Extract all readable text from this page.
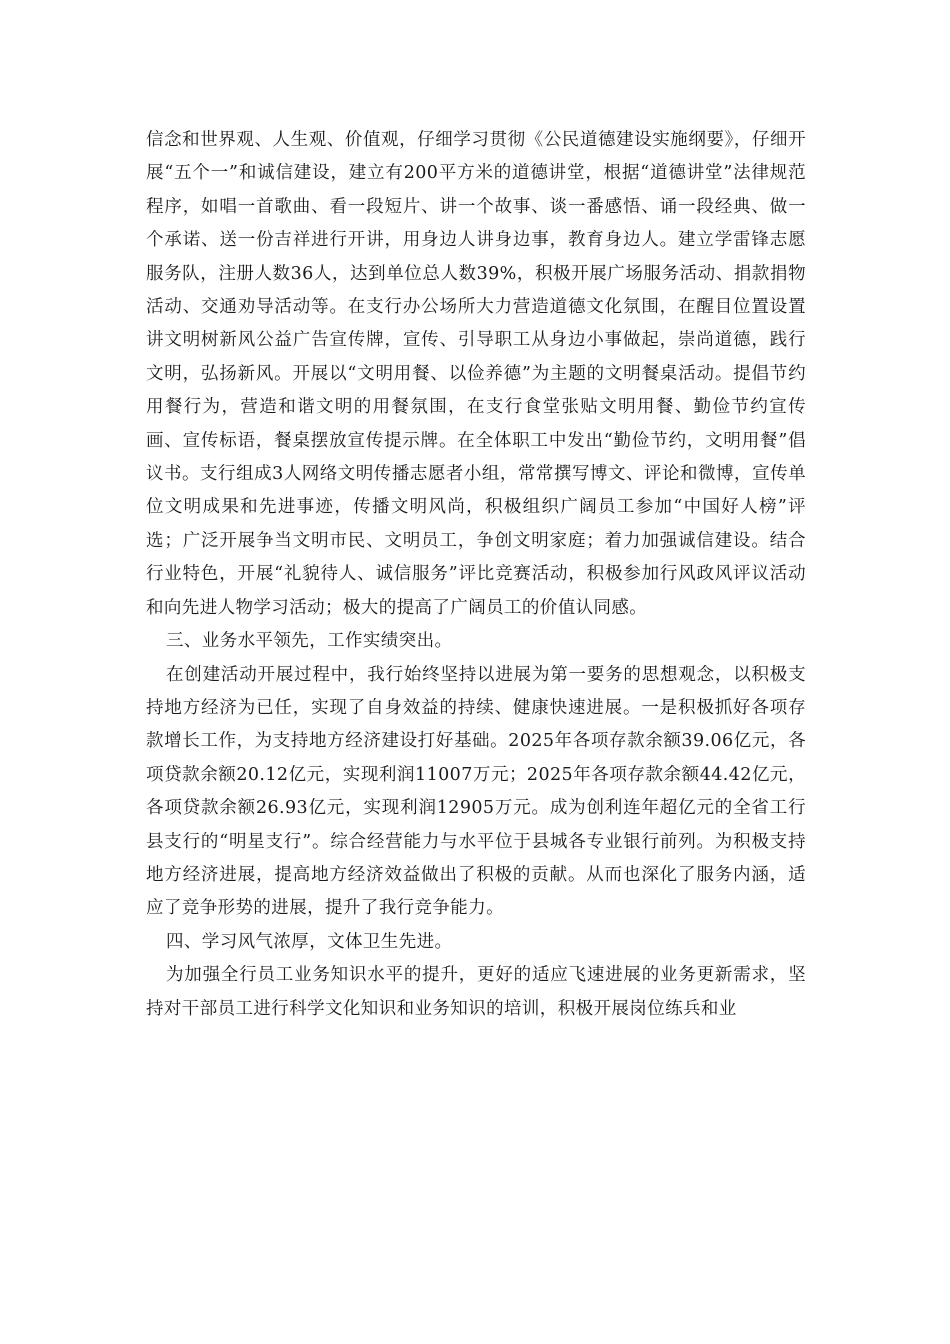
信念和世界观、人生观、价值观，仔细学习贯彻《公民道德建设实施纲要》，仔细开展“五个一”和诚信建设，建立有200平方米的道德讲堂，根据“道德讲堂”法律规范程序，如唱一首歌曲、看一段短片、讲一个故事、谈一番感悟、诵一段经典、做一个承诺、送一份吉祥进行开讲，用身边人讲身边事，教育身边人。建立学雷锋志愿服务队，注册人数36人，达到单位总人数39%，积极开展广场服务活动、捐款捐物活动、交通劝导活动等。在支行办公场所大力营造道德文化氛围，在醒目位置设置讲文明树新风公益广告宣传牌，宣传、引导职工从身边小事做起，崇尚道德，践行文明，弘扬新风。开展以“文明用餐、以俭养德”为主题的文明餐桌活动。提倡节约用餐行为，营造和谐文明的用餐氛围，在支行食堂张贴文明用餐、勤俭节约宣传画、宣传标语，餐桌摆放宣传提示牌。在全体职工中发出“勤俭节约，文明用餐”倡议书。支行组成3人网络文明传播志愿者小组，常常撰写博文、评论和微博，宣传单位文明成果和先进事迹，传播文明风尚，积极组织广阔员工参加“中国好人榜”评选；广泛开展争当文明市民、文明员工，争创文明家庭；着力加强诚信建设。结合行业特色，开展“礼貌待人、诚信服务”评比竞赛活动，积极参加行风政风评议活动和向先进人物学习活动；极大的提高了广阔员工的价值认同感。

三、业务水平领先，工作实绩突出。

在创建活动开展过程中，我行始终坚持以进展为第一要务的思想观念，以积极支持地方经济为已任，实现了自身效益的持续、健康快速进展。一是积极抓好各项存款增长工作，为支持地方经济建设打好基础。2025年各项存款余额39.06亿元，各项贷款余额20.12亿元，实现利润11007万元；2025年各项存款余额44.42亿元，各项贷款余额26.93亿元，实现利润12905万元。成为创利连年超亿元的全省工行县支行的“明星支行”。综合经营能力与水平位于县城各专业银行前列。为积极支持地方经济进展，提高地方经济效益做出了积极的贡献。从而也深化了服务内涵，适应了竞争形势的进展，提升了我行竞争能力。

四、学习风气浓厚，文体卫生先进。

为加强全行员工业务知识水平的提升，更好的适应飞速进展的业务更新需求，坚持对干部员工进行科学文化知识和业务知识的培训，积极开展岗位练兵和业
